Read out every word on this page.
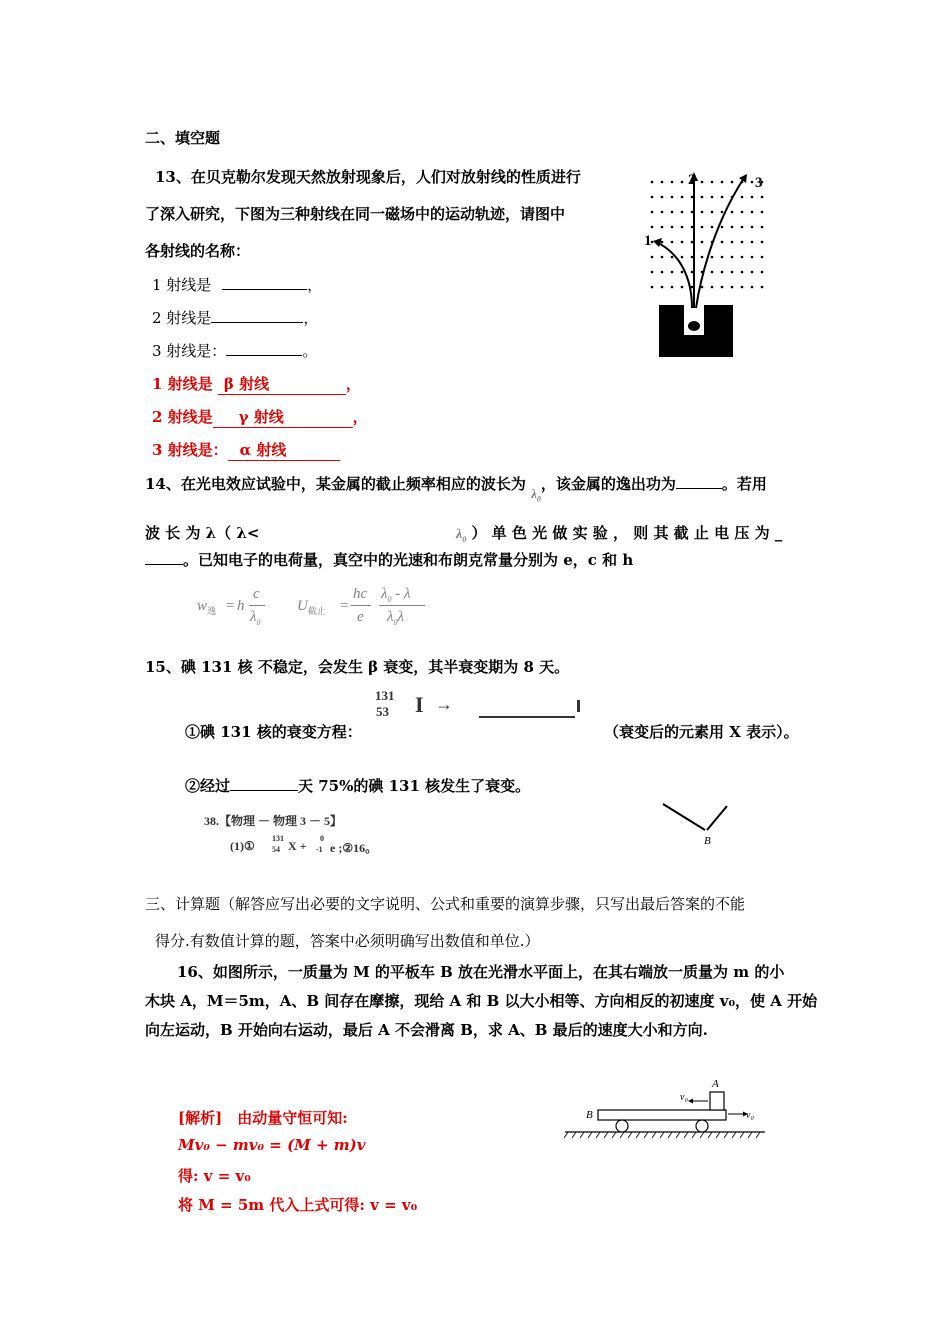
二、填空题
13、在贝克勒尔发现天然放射现象后，人们对放射线的性质进行
了深入研究，下图为三种射线在同一磁场中的运动轨迹，请图中
各射线的名称：
1 射线是	，
2 射线是	，
3 射线是：	。
1 射线是 β 射线	，
2 射线是 γ 射线	，
3 射线是： α 射线
1
2	3
14、在光电效应试验中，某金属的截止频率相应的波长为 $\lambda_0$，该金属的逸出功为	。若用
波 长 为 λ（ λ<	$\lambda_0$ ） 单 色 光 做 实 验 ， 则 其 截 止 电 压 为 _
。已知电子的电荷量，真空中的光速和布朗克常量分别为 e，c 和 h
$w_逸 = h$
c
$\lambda_0$
$U_{截止}$ =
hc
e
$\lambda_0$ - λ
$\lambda_0\lambda$
15、碘 131 核 不稳定，会发生 β 衰变，其半衰变期为 8 天。
①碘 131 核的衰变方程：
131
53 I →
（衰变后的元素用 X 表示）。
②经过	天 75%的碘 131 核发生了衰变。
38.【物理 － 物理 3 － 5】
(1)①
131
54 X +
0
-1 e ;②16。	B
三、计算题（解答应写出必要的文字说明、公式和重要的演算步骤，只写出最后答案的不能
得分.有数值计算的题，答案中必须明确写出数值和单位.）
16、如图所示，一质量为 M 的平板车 B 放在光滑水平面上，在其右端放一质量为 m 的小
木块 A，M＝5m，A、B 间存在摩擦，现给 A 和 B 以大小相等、方向相反的初速度 v₀，使 A 开始
向左运动，B 开始向右运动，最后 A 不会滑离 B，求 A、B 最后的速度大小和方向.
[解析]　由动量守恒可知:
Mv₀ − mv₀ = (M + m)v
得: v = v₀
将 M = 5m 代入上式可得: v = v₀
A
B
v₀
v₀
